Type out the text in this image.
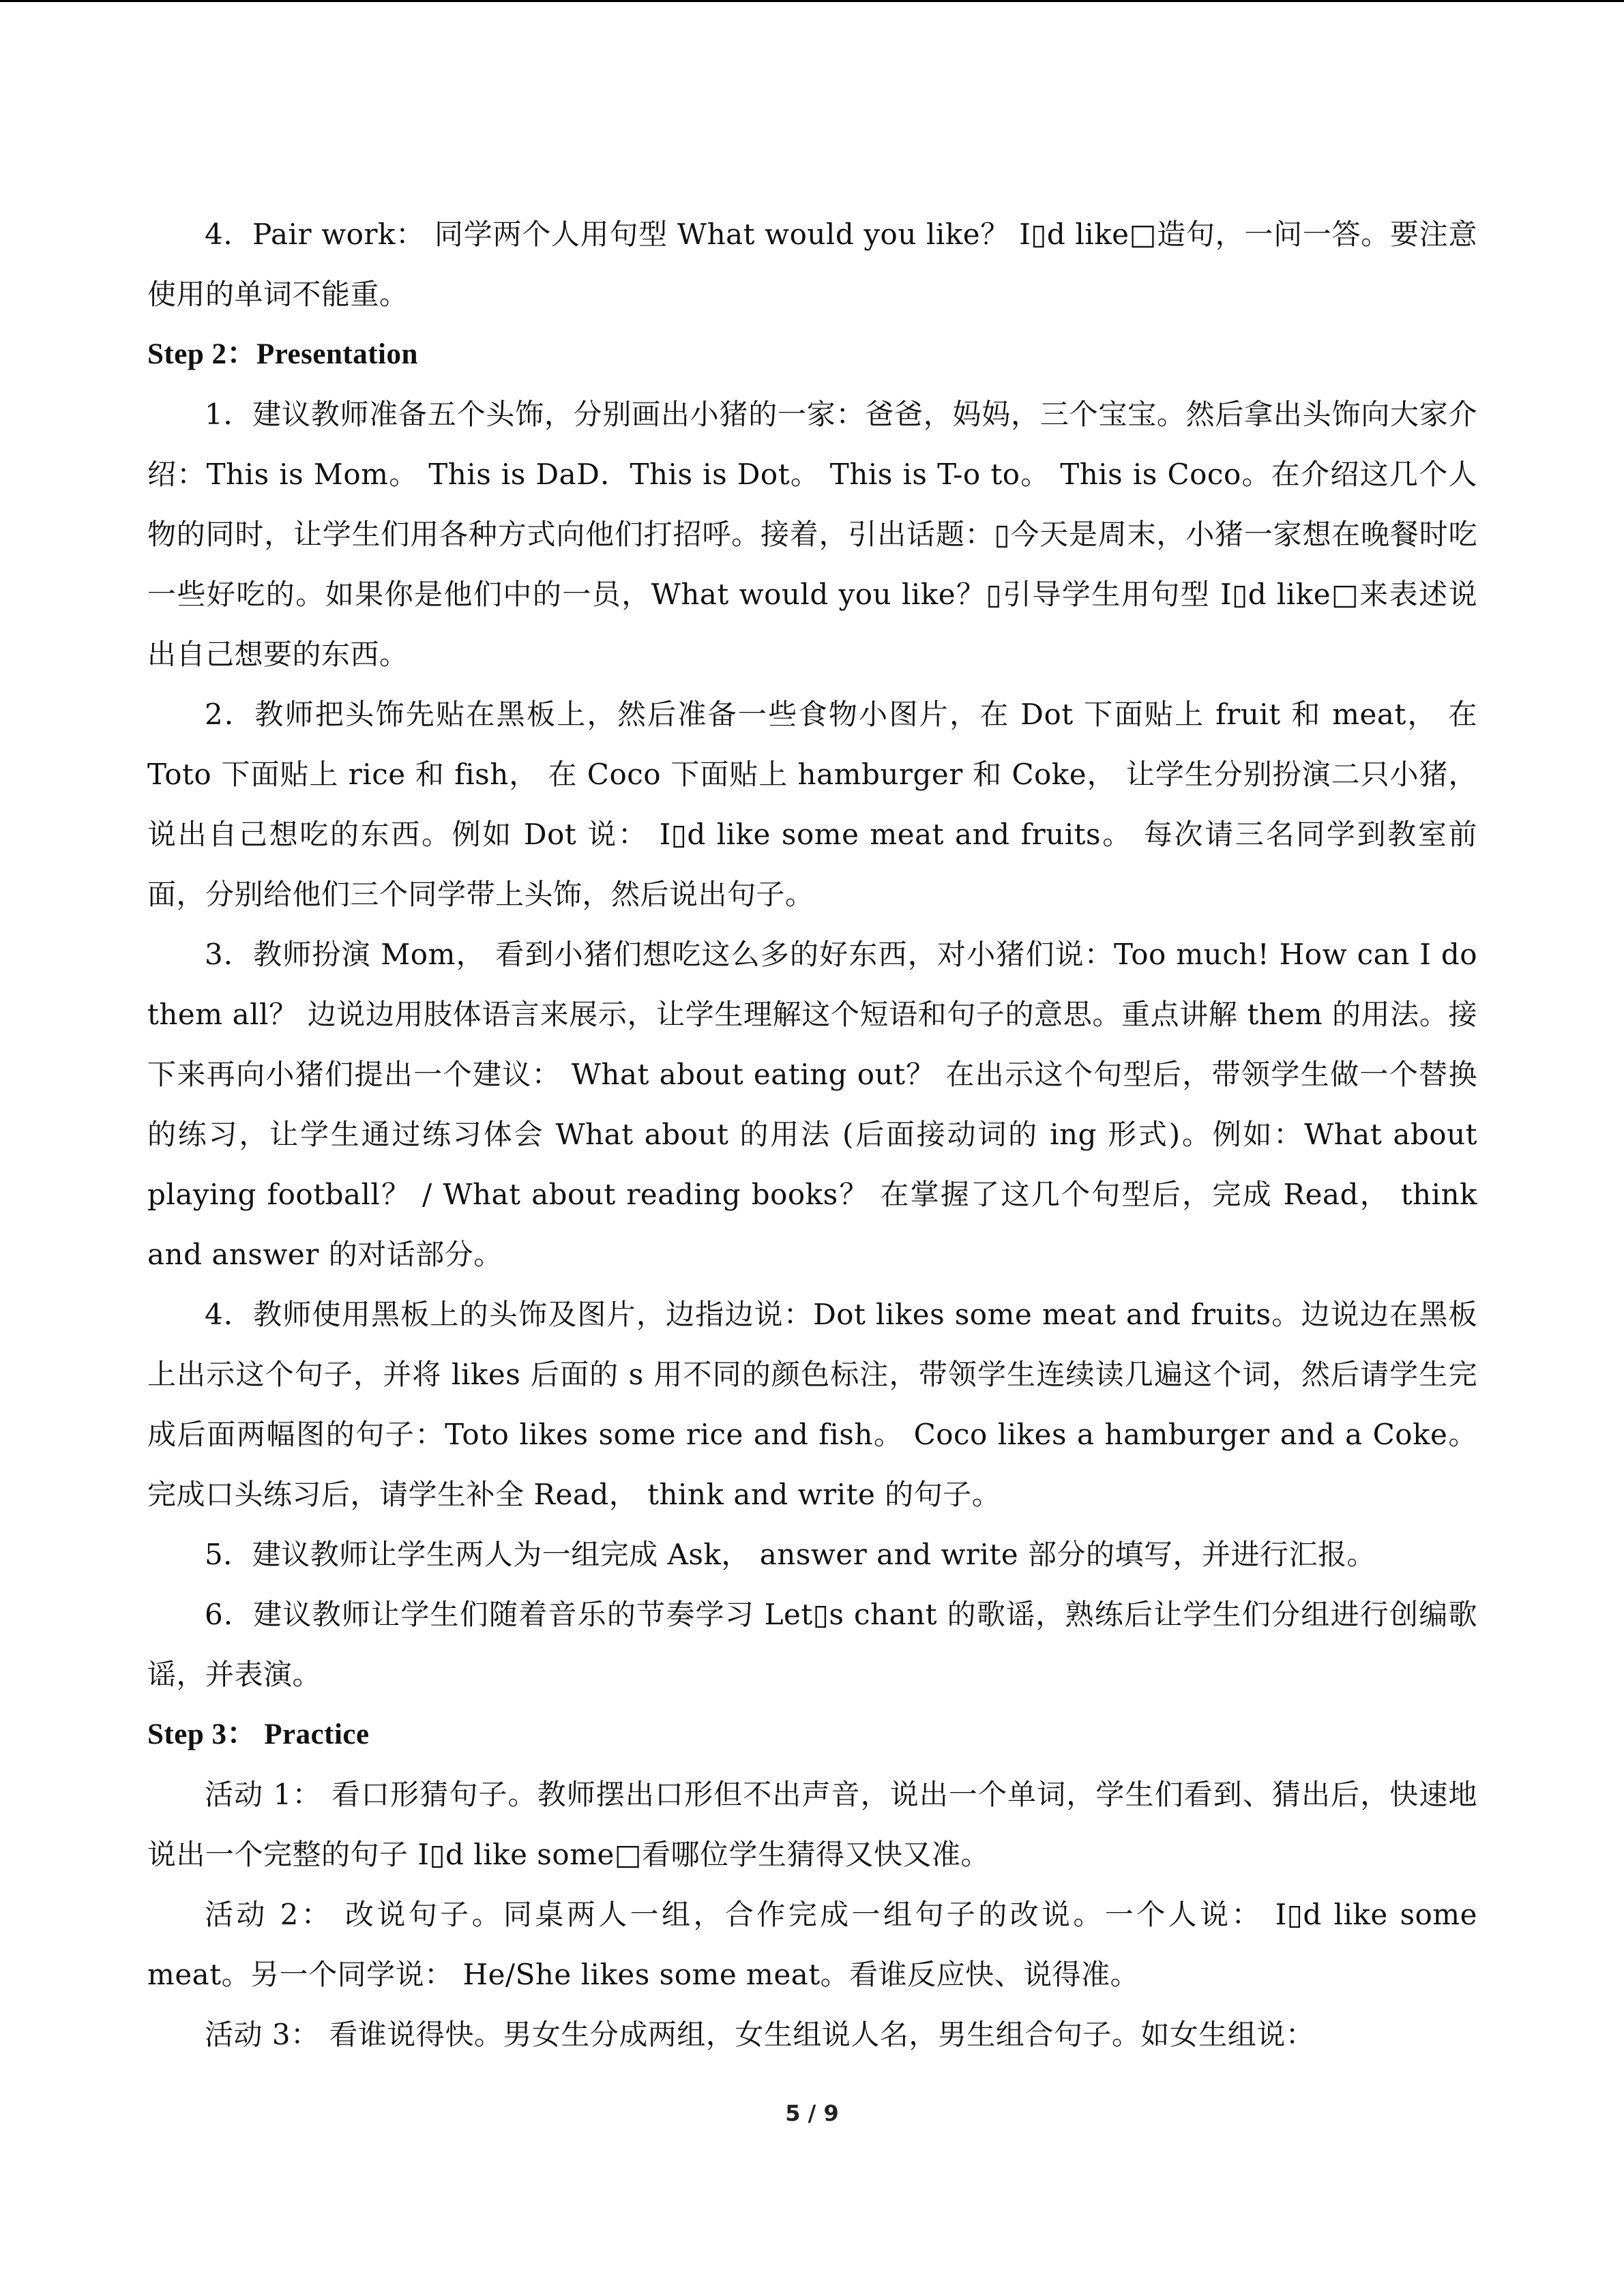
4．Pair work： 同学两个人用句型 What would you like？ I▯d like□造句，一问一答。要注意使用的单词不能重。

Step 2：Presentation

1．建议教师准备五个头饰，分别画出小猪的一家：爸爸，妈妈，三个宝宝。然后拿出头饰向大家介绍：This is Mom。 This is DaD．This is Dot。 This is T-o to。 This is Coco。在介绍这几个人物的同时，让学生们用各种方式向他们打招呼。接着，引出话题：▯今天是周末，小猪一家想在晚餐时吃一些好吃的。如果你是他们中的一员，What would you like？▯引导学生用句型 I▯d like□来表述说出自己想要的东西。

2．教师把头饰先贴在黑板上，然后准备一些食物小图片，在 Dot 下面贴上 fruit 和 meat， 在 Toto 下面贴上 rice 和 fish， 在 Coco 下面贴上 hamburger 和 Coke， 让学生分别扮演二只小猪，说出自己想吃的东西。例如 Dot 说： I▯d like some meat and fruits。 每次请三名同学到教室前面，分别给他们三个同学带上头饰，然后说出句子。

3．教师扮演 Mom， 看到小猪们想吃这么多的好东西，对小猪们说：Too much! How can I do them all？ 边说边用肢体语言来展示，让学生理解这个短语和句子的意思。重点讲解 them 的用法。接下来再向小猪们提出一个建议： What about eating out？ 在出示这个句型后，带领学生做一个替换的练习，让学生通过练习体会 What about 的用法 (后面接动词的 ing 形式)。例如：What about playing football？ / What about reading books？ 在掌握了这几个句型后，完成 Read， think and answer 的对话部分。

4．教师使用黑板上的头饰及图片，边指边说：Dot likes some meat and fruits。边说边在黑板上出示这个句子，并将 likes 后面的 s 用不同的颜色标注，带领学生连续读几遍这个词，然后请学生完成后面两幅图的句子：Toto likes some rice and fish。 Coco likes a hamburger and a Coke。完成口头练习后，请学生补全 Read， think and write 的句子。

5．建议教师让学生两人为一组完成 Ask， answer and write 部分的填写，并进行汇报。

6．建议教师让学生们随着音乐的节奏学习 Let▯s chant 的歌谣，熟练后让学生们分组进行创编歌谣，并表演。

Step 3： Practice

活动 1： 看口形猜句子。教师摆出口形但不出声音，说出一个单词，学生们看到、猜出后，快速地说出一个完整的句子 I▯d like some□看哪位学生猜得又快又准。

活动 2： 改说句子。同桌两人一组，合作完成一组句子的改说。一个人说： I▯d like some meat。另一个同学说： He/She likes some meat。看谁反应快、说得准。

活动 3： 看谁说得快。男女生分成两组，女生组说人名，男生组合句子。如女生组说：

5 / 9
